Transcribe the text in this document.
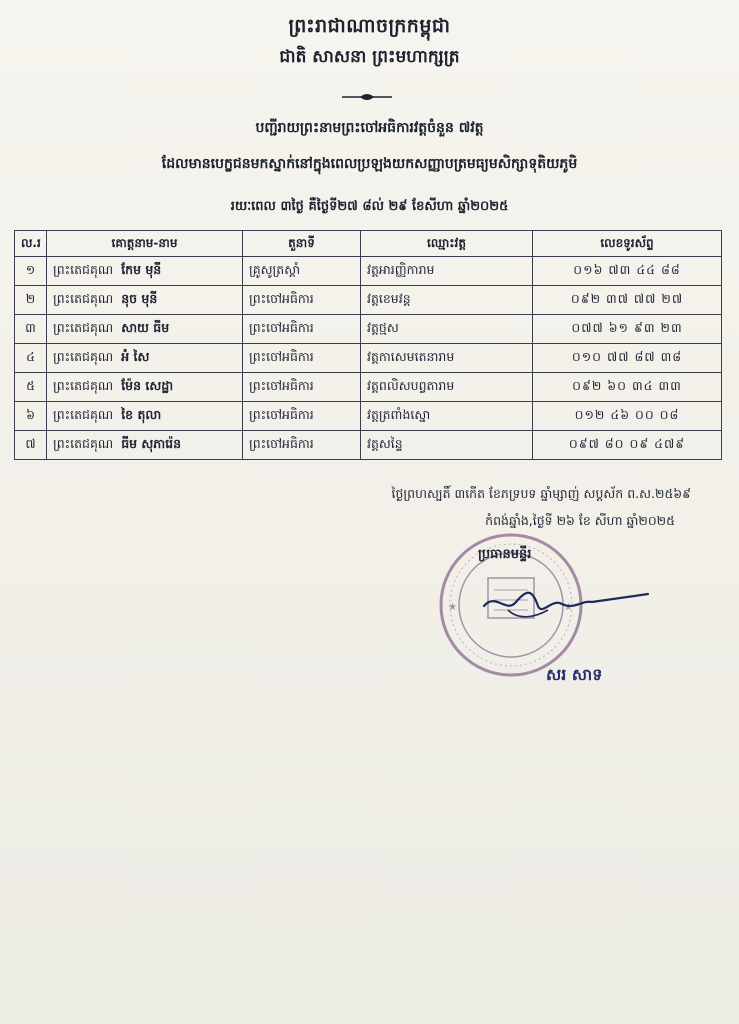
ព្រះរាជាណាចក្រកម្ពុជា
ជាតិ សាសនា ព្រះមហាក្សត្រ
បញ្ជីរាយព្រះនាមព្រះចៅអធិការវត្តចំនួន ៧វត្ត
ដែលមានបេក្ខជនមកស្នាក់នៅក្នុងពេលប្រឡងយកសញ្ញាបត្រមធ្យមសិក្សាទុតិយភូមិ
រយៈពេល ៣ថ្ងៃ គឺថ្ងៃទី២៧ ៨ល់ ២៩ ខែសីហា ឆ្នាំ២០២៥
ល.រ	គោត្តនាម-នាម	តួនាទី	ឈ្មោះវត្ត	លេខទូរស័ព្ទ
១	ព្រះតេជគុណ កែម មុនី	គ្រូសូត្រស្ដាំ	វត្តអារញ្ញិការាម	០១៦ ៧៣ ៤៤ ៨៨
២	ព្រះតេជគុណ នុច មុនី	ព្រះចៅអធិការ	វត្តខេមវន្ត	០៩២ ៣៧ ៧៧ ២៧
៣	ព្រះតេជគុណ សាយ ធីម	ព្រះចៅអធិការ	វត្តថ្មស	០៧៧ ៦១ ៩៣ ២៣
៤	ព្រះតេជគុណ អំ សៃ	ព្រះចៅអធិការ	វត្តកាសេមតេនារាម	០១០ ៧៧ ៨៧ ៣៨
៥	ព្រះតេជគុណ ម៉ែន សេដ្ឋា	ព្រះចៅអធិការ	វត្តពលិសបព្វតារាម	០៩២ ៦០ ៣៤ ៣៣
៦	ព្រះតេជគុណ ខៃ តុលា	ព្រះចៅអធិការ	វត្តត្រពាំងស្នោ	០១២ ៤៦ ០០ ០៨
៧	ព្រះតេជគុណ ធីម សុភារ៉េន	ព្រះចៅអធិការ	វត្តសន្ទៃ	០៩៧ ៨០ ០៩ ៤៧៩
ថ្ងៃព្រហស្បតិ៍ ៣កើត ខែភទ្របទ ឆ្នាំម្សាញ់ សប្តស័ក ព.ស.២៥៦៩
កំពង់ឆ្នាំង,ថ្ងៃទី ២៦ ខែ សីហា ឆ្នាំ២០២៥
★	★
ប្រធានមន្ទីរ
សរ សាទ
